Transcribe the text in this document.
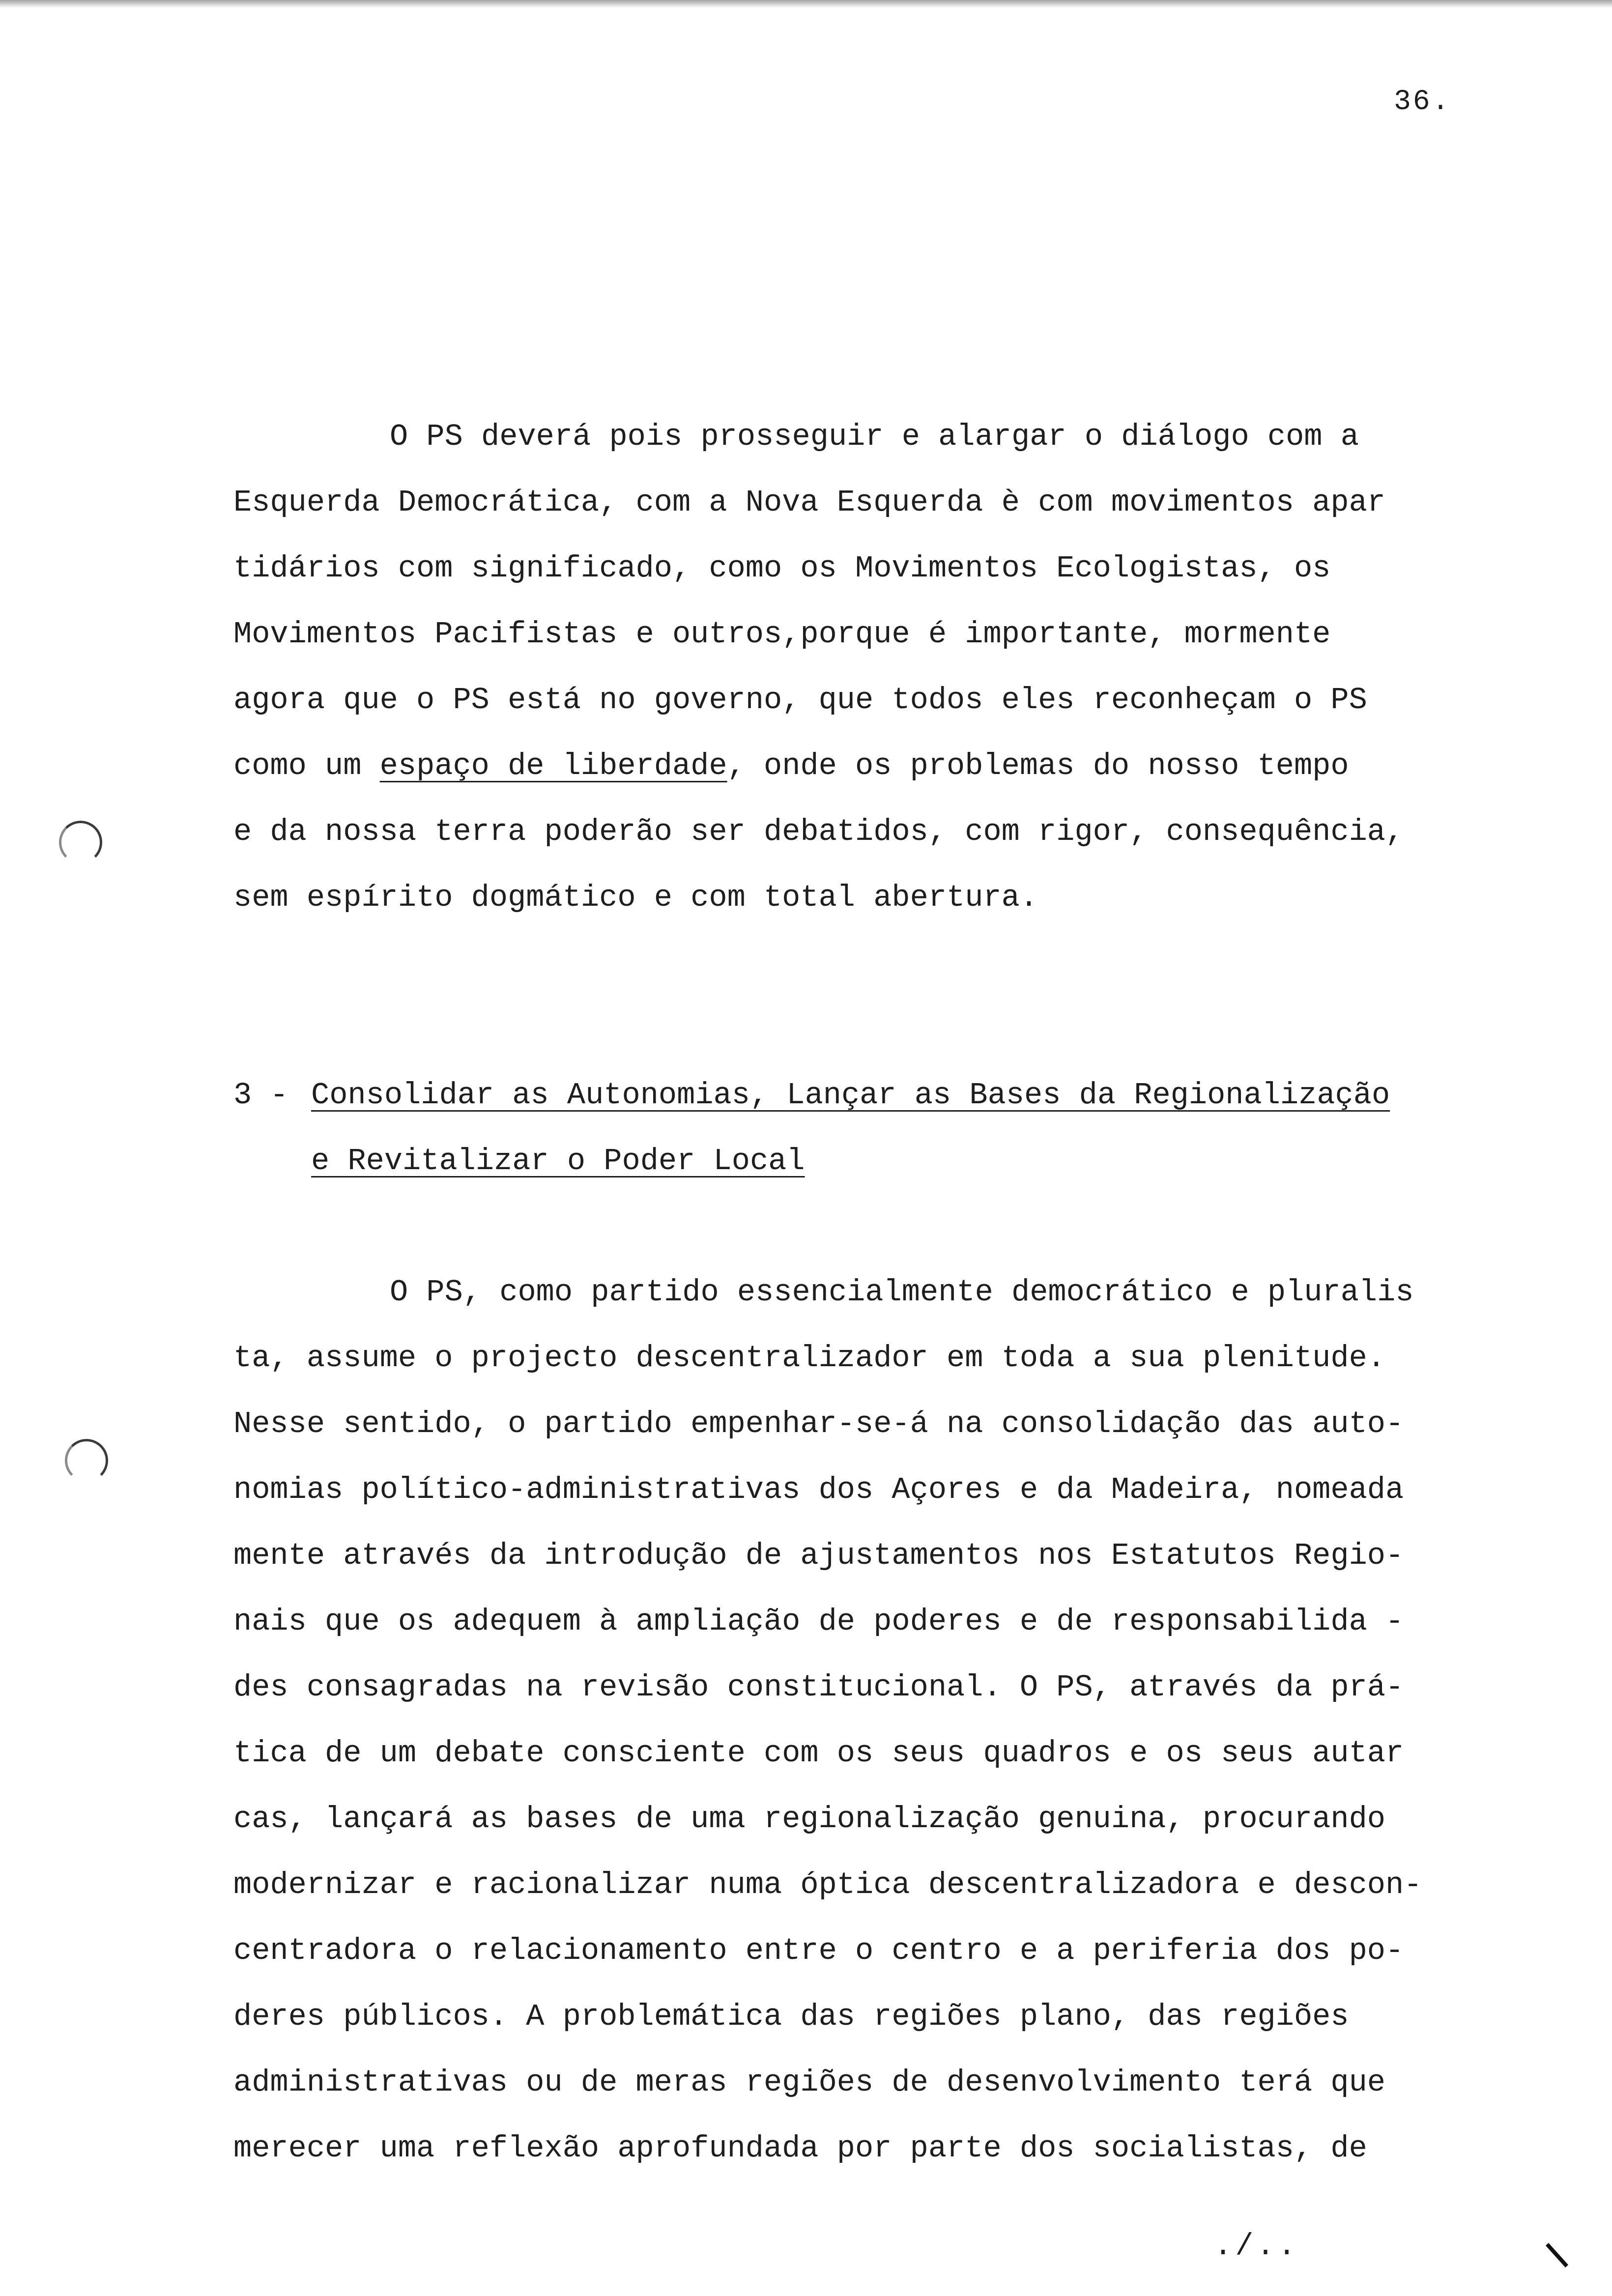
36.
O PS deverá pois prosseguir e alargar o diálogo com a
Esquerda Democrática, com a Nova Esquerda è com movimentos apar
tidários com significado, como os Movimentos Ecologistas, os
Movimentos Pacifistas e outros,porque é importante, mormente
agora que o PS está no governo, que todos eles reconheçam o PS
como um espaço de liberdade, onde os problemas do nosso tempo
e da nossa terra poderão ser debatidos, com rigor, consequência,
sem espírito dogmático e com total abertura.
3 - Consolidar as Autonomias, Lançar as Bases da Regionalização
e Revitalizar o Poder Local
O PS, como partido essencialmente democrático e pluralis
ta, assume o projecto descentralizador em toda a sua plenitude.
Nesse sentido, o partido empenhar-se-á na consolidação das auto-
nomias político-administrativas dos Açores e da Madeira, nomeada
mente através da introdução de ajustamentos nos Estatutos Regio-
nais que os adequem à ampliação de poderes e de responsabilida -
des consagradas na revisão constitucional. O PS, através da prá-
tica de um debate consciente com os seus quadros e os seus autar
cas, lançará as bases de uma regionalização genuina, procurando
modernizar e racionalizar numa óptica descentralizadora e descon-
centradora o relacionamento entre o centro e a periferia dos po-
deres públicos. A problemática das regiões plano, das regiões
administrativas ou de meras regiões de desenvolvimento terá que
merecer uma reflexão aprofundada por parte dos socialistas, de
./..
